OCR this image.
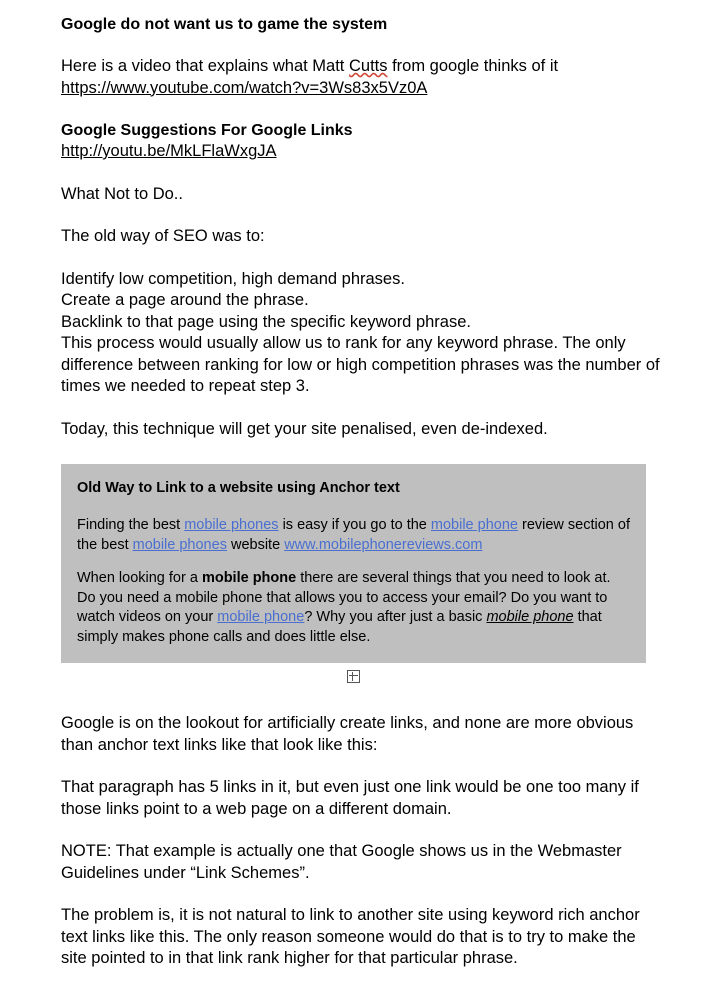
Google do not want us to game the system

Here is a video that explains what Matt Cutts from google thinks of it

https://www.youtube.com/watch?v=3Ws83x5Vz0A

Google Suggestions For Google Links

http://youtu.be/MkLFlaWxgJA

What Not to Do..

The old way of SEO was to:

Identify low competition, high demand phrases.

Create a page around the phrase.

Backlink to that page using the specific keyword phrase.

This process would usually allow us to rank for any keyword phrase. The only difference between ranking for low or high competition phrases was the number of times we needed to repeat step 3.

Today, this technique will get your site penalised, even de-indexed.

Old Way to Link to a website using Anchor text

Finding the best mobile phones is easy if you go to the mobile phone review section of the best mobile phones website www.mobilephonereviews.com

When looking for a mobile phone there are several things that you need to look at. Do you need a mobile phone that allows you to access your email? Do you want to watch videos on your mobile phone? Why you after just a basic mobile phone that simply makes phone calls and does little else.

Google is on the lookout for artificially create links, and none are more obvious than anchor text links like that look like this:

That paragraph has 5 links in it, but even just one link would be one too many if those links point to a web page on a different domain.

NOTE: That example is actually one that Google shows us in the Webmaster Guidelines under “Link Schemes”.

The problem is, it is not natural to link to another site using keyword rich anchor text links like this. The only reason someone would do that is to try to make the site pointed to in that link rank higher for that particular phrase.
